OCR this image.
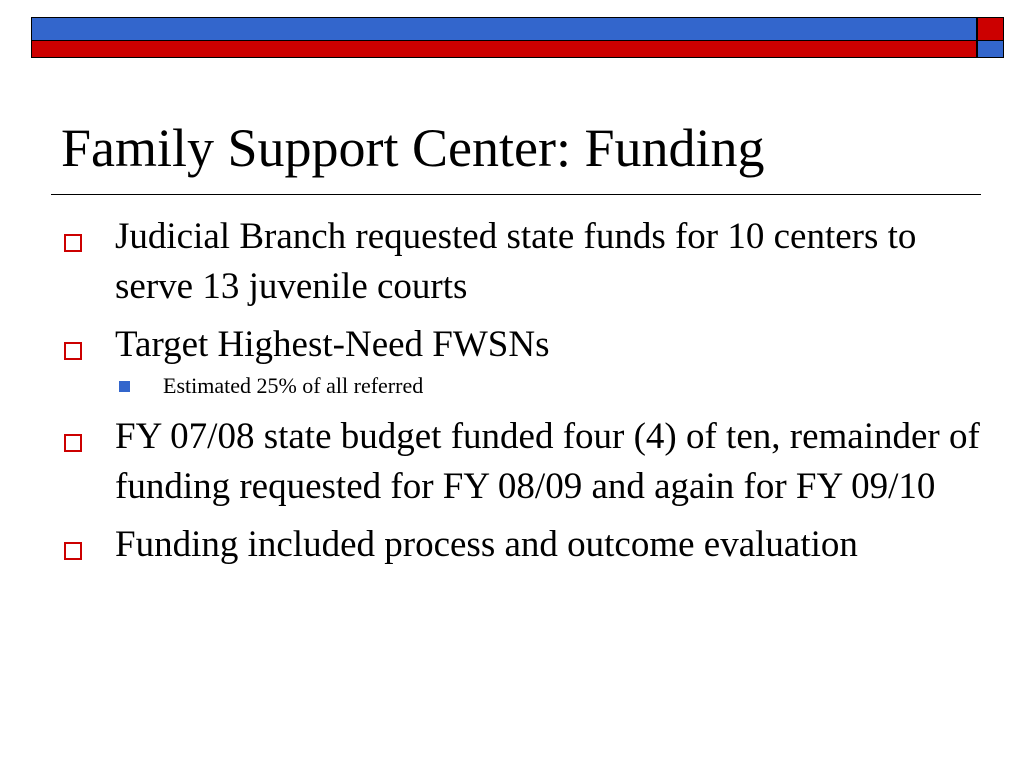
Family Support Center: Funding
Judicial Branch requested state funds for 10 centers to serve 13 juvenile courts
Target Highest-Need FWSNs
Estimated 25% of all referred
FY 07/08 state budget funded four (4) of ten, remainder of funding requested for FY 08/09 and again for FY 09/10
Funding included process and outcome evaluation
